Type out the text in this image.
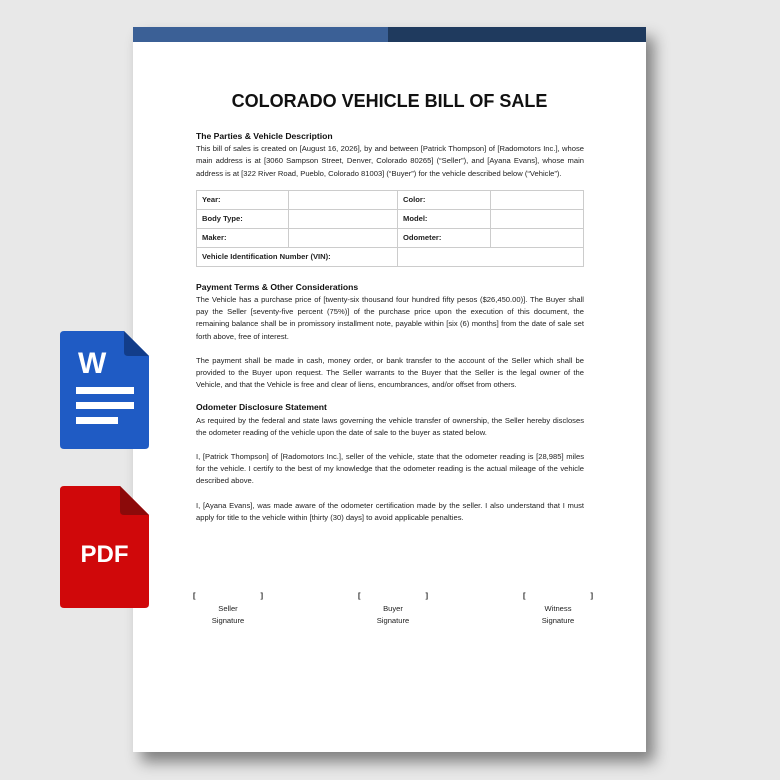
COLORADO VEHICLE BILL OF SALE
The Parties & Vehicle Description

This bill of sales is created on [August 16, 2026], by and between [Patrick Thompson] of [Radomotors Inc.], whose main address is at [3060 Sampson Street, Denver, Colorado 80265] (“Seller”), and [Ayana Evans], whose main address is at [322 River Road, Pueblo, Colorado 81003] (“Buyer”) for the vehicle described below (“Vehicle”).

Year:		Color:	
Body Type:		Model:	
Maker:		Odometer:	
Vehicle Identification Number (VIN):			
Payment Terms & Other Considerations

The Vehicle has a purchase price of [twenty-six thousand four hundred fifty pesos ($26,450.00)]. The Buyer shall pay the Seller [seventy-five percent (75%)] of the purchase price upon the execution of this document, the remaining balance shall be in promissory installment note, payable within [six (6) months] from the date of sale set forth above, free of interest.

The payment shall be made in cash, money order, or bank transfer to the account of the Seller which shall be provided to the Buyer upon request. The Seller warrants to the Buyer that the Seller is the legal owner of the Vehicle, and that the Vehicle is free and clear of liens, encumbrances, and/or offset from others.

Odometer Disclosure Statement

As required by the federal and state laws governing the vehicle transfer of ownership, the Seller hereby discloses the odometer reading of the vehicle upon the date of sale to the buyer as stated below.

I, [Patrick Thompson] of [Radomotors Inc.], seller of the vehicle, state that the odometer reading is [28,985] miles for the vehicle. I certify to the best of my knowledge that the odometer reading is the actual mileage of the vehicle described above.

I, [Ayana Evans], was made aware of the odometer certification made by the seller. I also understand that I must apply for title to the vehicle within [thirty (30) days] to avoid applicable penalties.

[	]
Seller
Signature
[	]
Buyer
Signature
[	]
Witness
Signature
W
PDF
